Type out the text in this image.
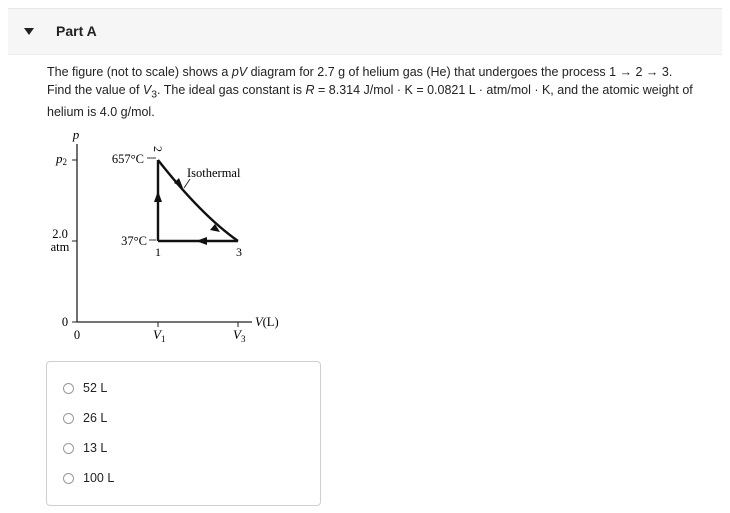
Part A
The figure (not to scale) shows a pV diagram for 2.7 g of helium gas (He) that undergoes the process 1 → 2 → 3.
Find the value of $V_3$. The ideal gas constant is R = 8.314 J/mol · K = 0.0821 L · atm/mol · K, and the atomic weight of
helium is 4.0 g/mol.
p
p2	657°C
37°C
2.0
atm
0
0
Isothermal
1
2
3
V(L)
$V_1$	$V_3$
52 L
26 L
13 L
100 L
